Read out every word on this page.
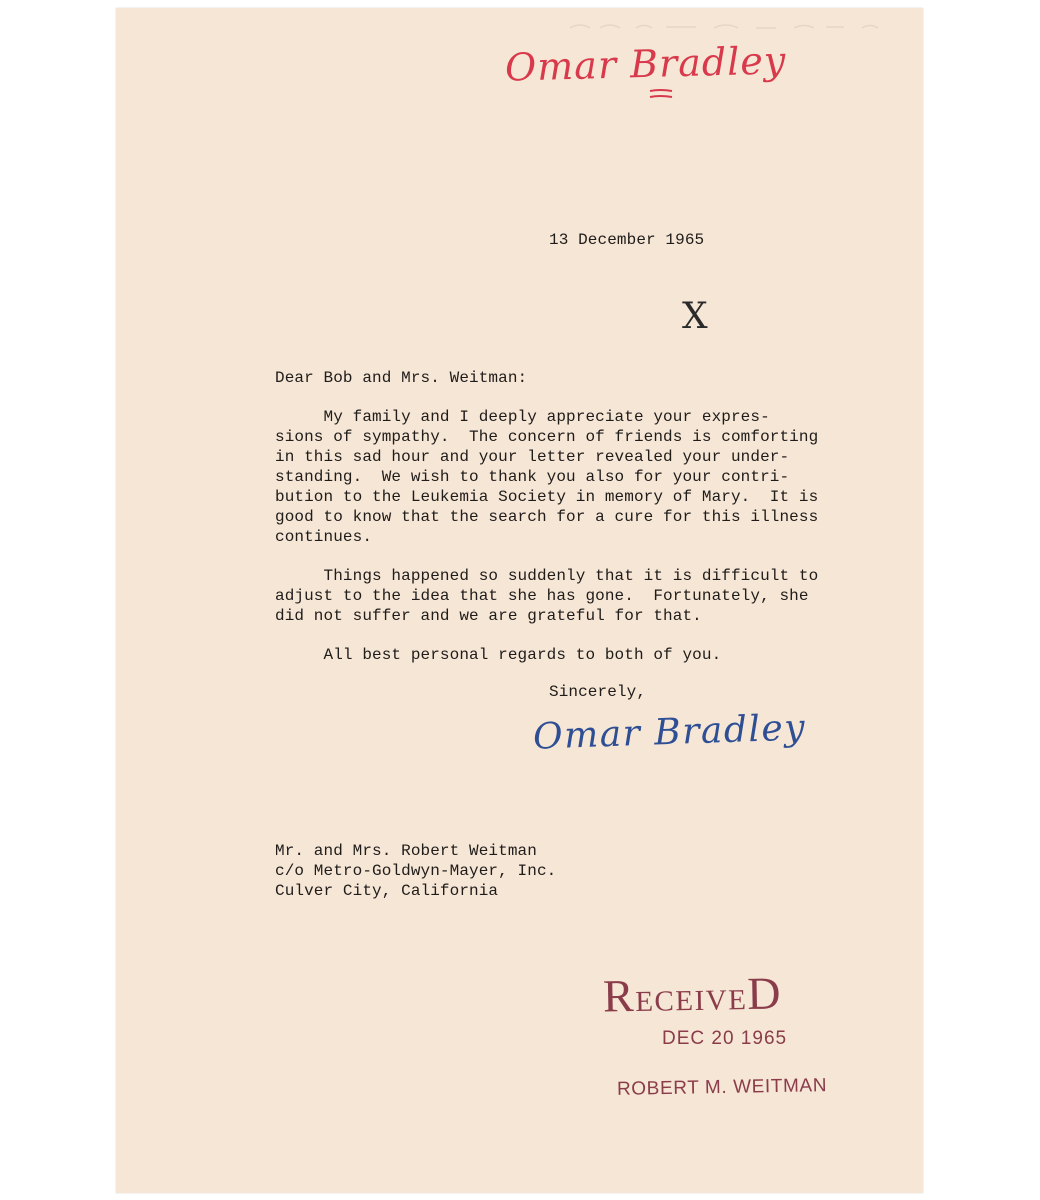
Omar Bradley
13 December 1965
X
Dear Bob and Mrs. Weitman:
My family and I deeply appreciate your expres-
sions of sympathy.  The concern of friends is comforting
in this sad hour and your letter revealed your under-
standing.  We wish to thank you also for your contri-
bution to the Leukemia Society in memory of Mary.  It is
good to know that the search for a cure for this illness
continues.
Things happened so suddenly that it is difficult to
adjust to the idea that she has gone.  Fortunately, she
did not suffer and we are grateful for that.
All best personal regards to both of you.
Sincerely,
Omar Bradley
Mr. and Mrs. Robert Weitman
c/o Metro-Goldwyn-Mayer, Inc.
Culver City, California
RECEIVED
DEC 20 1965
ROBERT M. WEITMAN
